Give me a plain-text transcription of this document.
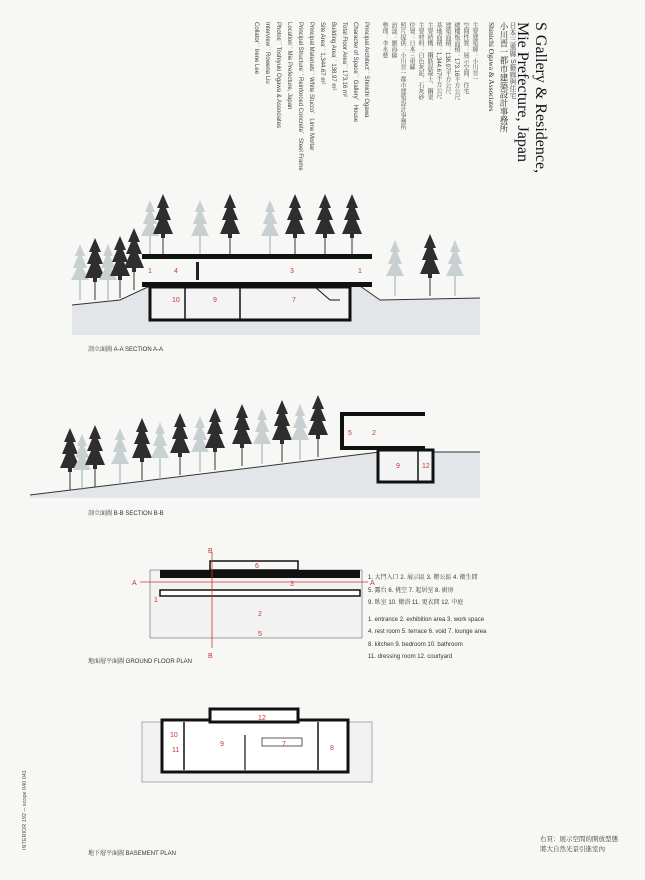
日本三重縣 S藝廊與住宅 S Gallery & Residence,
Mie Prefecture, Japan
小川晋一都市建築設計事務所
Shinichi Ogawa & Associates
主要建築師：小川晋一
空間性質：展示空間、住宅
總樓板面積：173.16平方公尺
建築面積：138.97平方公尺
基地面積：1,344.67平方公尺
主要結構：鋼筋混凝土、鋼架
主要材料：白色灰泥、石灰砂
位置：日本三重縣
照片提供：小川晋一都市建築設計事務所
訪談：劉海倫
整理：李永慈
Principal Architect：Shinichi Ogawa
Character of Space：Gallery、House
Total Floor Area：173.16 m²
Building Area：138.97 m²
Site Area：1,344.67 m²
Principal Materials：White Stucco、Lime Mortar
Principal Structure：Reinforced Concrete、Steel Frame
Location：Mie Prefecture, Japan
Photos：Toshiyuki Ogawa & Associates
Interview：Rowena Liu
Collator：Irene Lee
1	4	3	1
10	9	7
5	2
9	12
6
3
1
2
5
B
A	A
B
12
10
11
9	7
8
剖立面圖 A-A SECTION A-A
剖立面圖 B-B SECTION B-B
地面層平面圖 GROUND FLOOR PLAN
地下層平面圖 BASEMENT PLAN
1. 大門入口 2. 展示區 3. 辦公區 4. 衛生間
5. 露台 6. 挑空 7. 起居室 8. 廚房
9. 臥室 10. 衛浴 11. 更衣間 12. 中庭
1. entrance 2. exhibition area 3. work space
4. rest room 5. terrace 6. void 7. lounge area
8. kitchen 9. bedroom 10. bathroom
11. dressing room 12. courtyard
INTERIOR 192 ─ scope 040 041	右頁：展示空間的開放型態
將大自然光景引進室內
